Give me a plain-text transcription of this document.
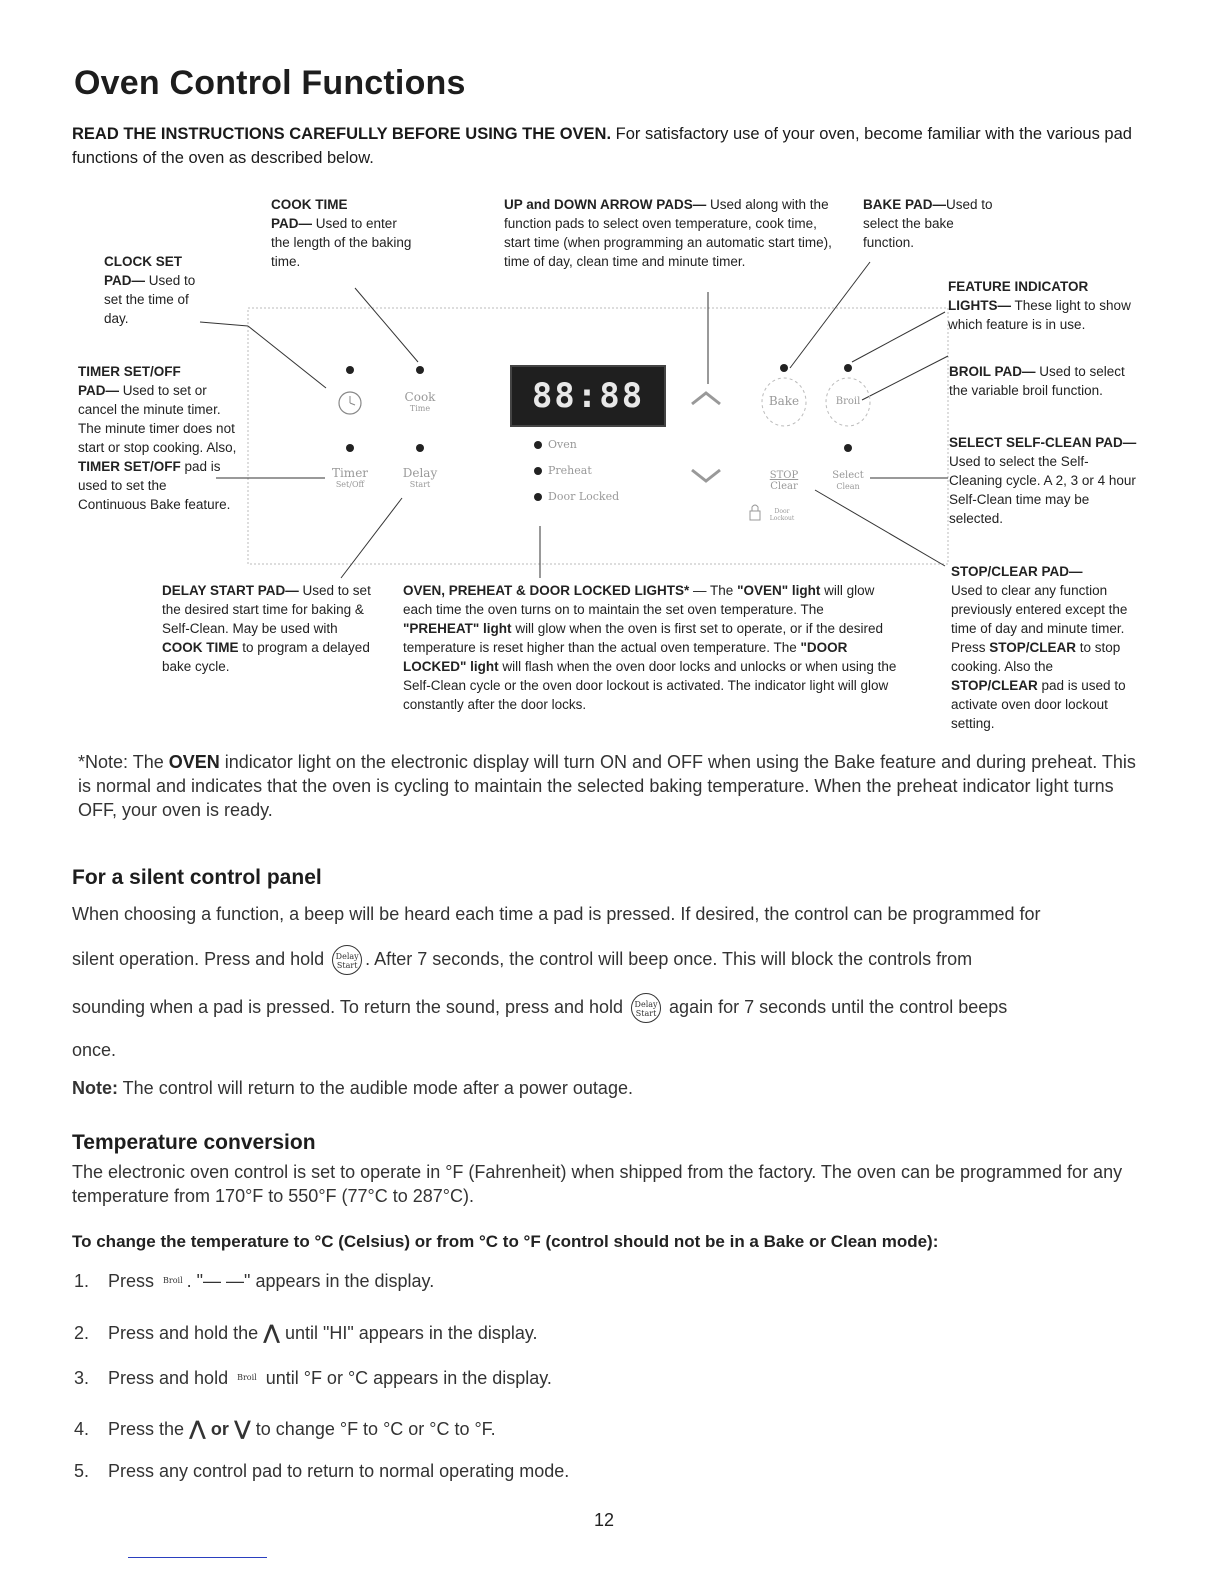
Oven Control Functions
READ THE INSTRUCTIONS CAREFULLY BEFORE USING THE OVEN. For satisfactory use of your oven, become familiar with the various pad functions of the oven as described below.
88:88
Cook
Time
Timer
Set/Off
Delay
Start
Bake	Broil
STOP
Clear
Select
Clean
Door Lockout
Oven
Preheat
Door Locked
COOK TIME
PAD— Used to enter the length of the baking time.
UP and DOWN ARROW PADS— Used along with the function pads to select oven temperature, cook time, start time (when programming an automatic start time), time of day, clean time and minute timer.
BAKE PAD—Used to select the bake function.
CLOCK SET
PAD— Used to set the time of day.
FEATURE INDICATOR LIGHTS— These light to show which feature is in use.
TIMER SET/OFF
PAD— Used to set or cancel the minute timer. The minute timer does not start or stop cooking. Also, TIMER SET/OFF pad is used to set the Continuous Bake feature.
BROIL PAD— Used to select the variable broil function.
SELECT SELF-CLEAN PAD— Used to select the Self-Cleaning cycle. A 2, 3 or 4 hour Self-Clean time may be selected.
STOP/CLEAR PAD—
Used to clear any function previously entered except the time of day and minute timer. Press STOP/CLEAR to stop cooking. Also the STOP/CLEAR pad is used to activate oven door lockout setting.
DELAY START PAD— Used to set the desired start time for baking & Self-Clean. May be used with COOK TIME to program a delayed bake cycle.
OVEN, PREHEAT & DOOR LOCKED LIGHTS* — The "OVEN" light will glow each time the oven turns on to maintain the set oven temperature. The "PREHEAT" light will glow when the oven is first set to operate, or if the desired temperature is reset higher than the actual oven temperature. The "DOOR LOCKED" light will flash when the oven door locks and unlocks or when using the Self-Clean cycle or the oven door lockout is activated. The indicator light will glow constantly after the door locks.
*Note: The OVEN indicator light on the electronic display will turn ON and OFF when using the Bake feature and during preheat. This is normal and indicates that the oven is cycling to maintain the selected baking temperature. When the preheat indicator light turns OFF, your oven is ready.
For a silent control panel
When choosing a function, a beep will be heard each time a pad is pressed. If desired, the control can be programmed for
silent operation. Press and hold Delay
Start . After 7 seconds, the control will beep once. This will block the controls from
sounding when a pad is pressed. To return the sound, press and hold Delay
Start again for 7 seconds until the control beeps
once.
Note: The control will return to the audible mode after a power outage.
Temperature conversion
The electronic oven control is set to operate in °F (Fahrenheit) when shipped from the factory. The oven can be programmed for any temperature from 170°F to 550°F (77°C to 287°C).
To change the temperature to °C (Celsius) or from °C to °F (control should not be in a Bake or Clean mode):
1. Press Broil . "— —" appears in the display.
2. Press and hold the ⋀ until "HI" appears in the display.
3. Press and hold Broil until °F or °C appears in the display.
4. Press the ⋀ or ⋁ to change °F to °C or °C to °F.
5. Press any control pad to return to normal operating mode.
12
